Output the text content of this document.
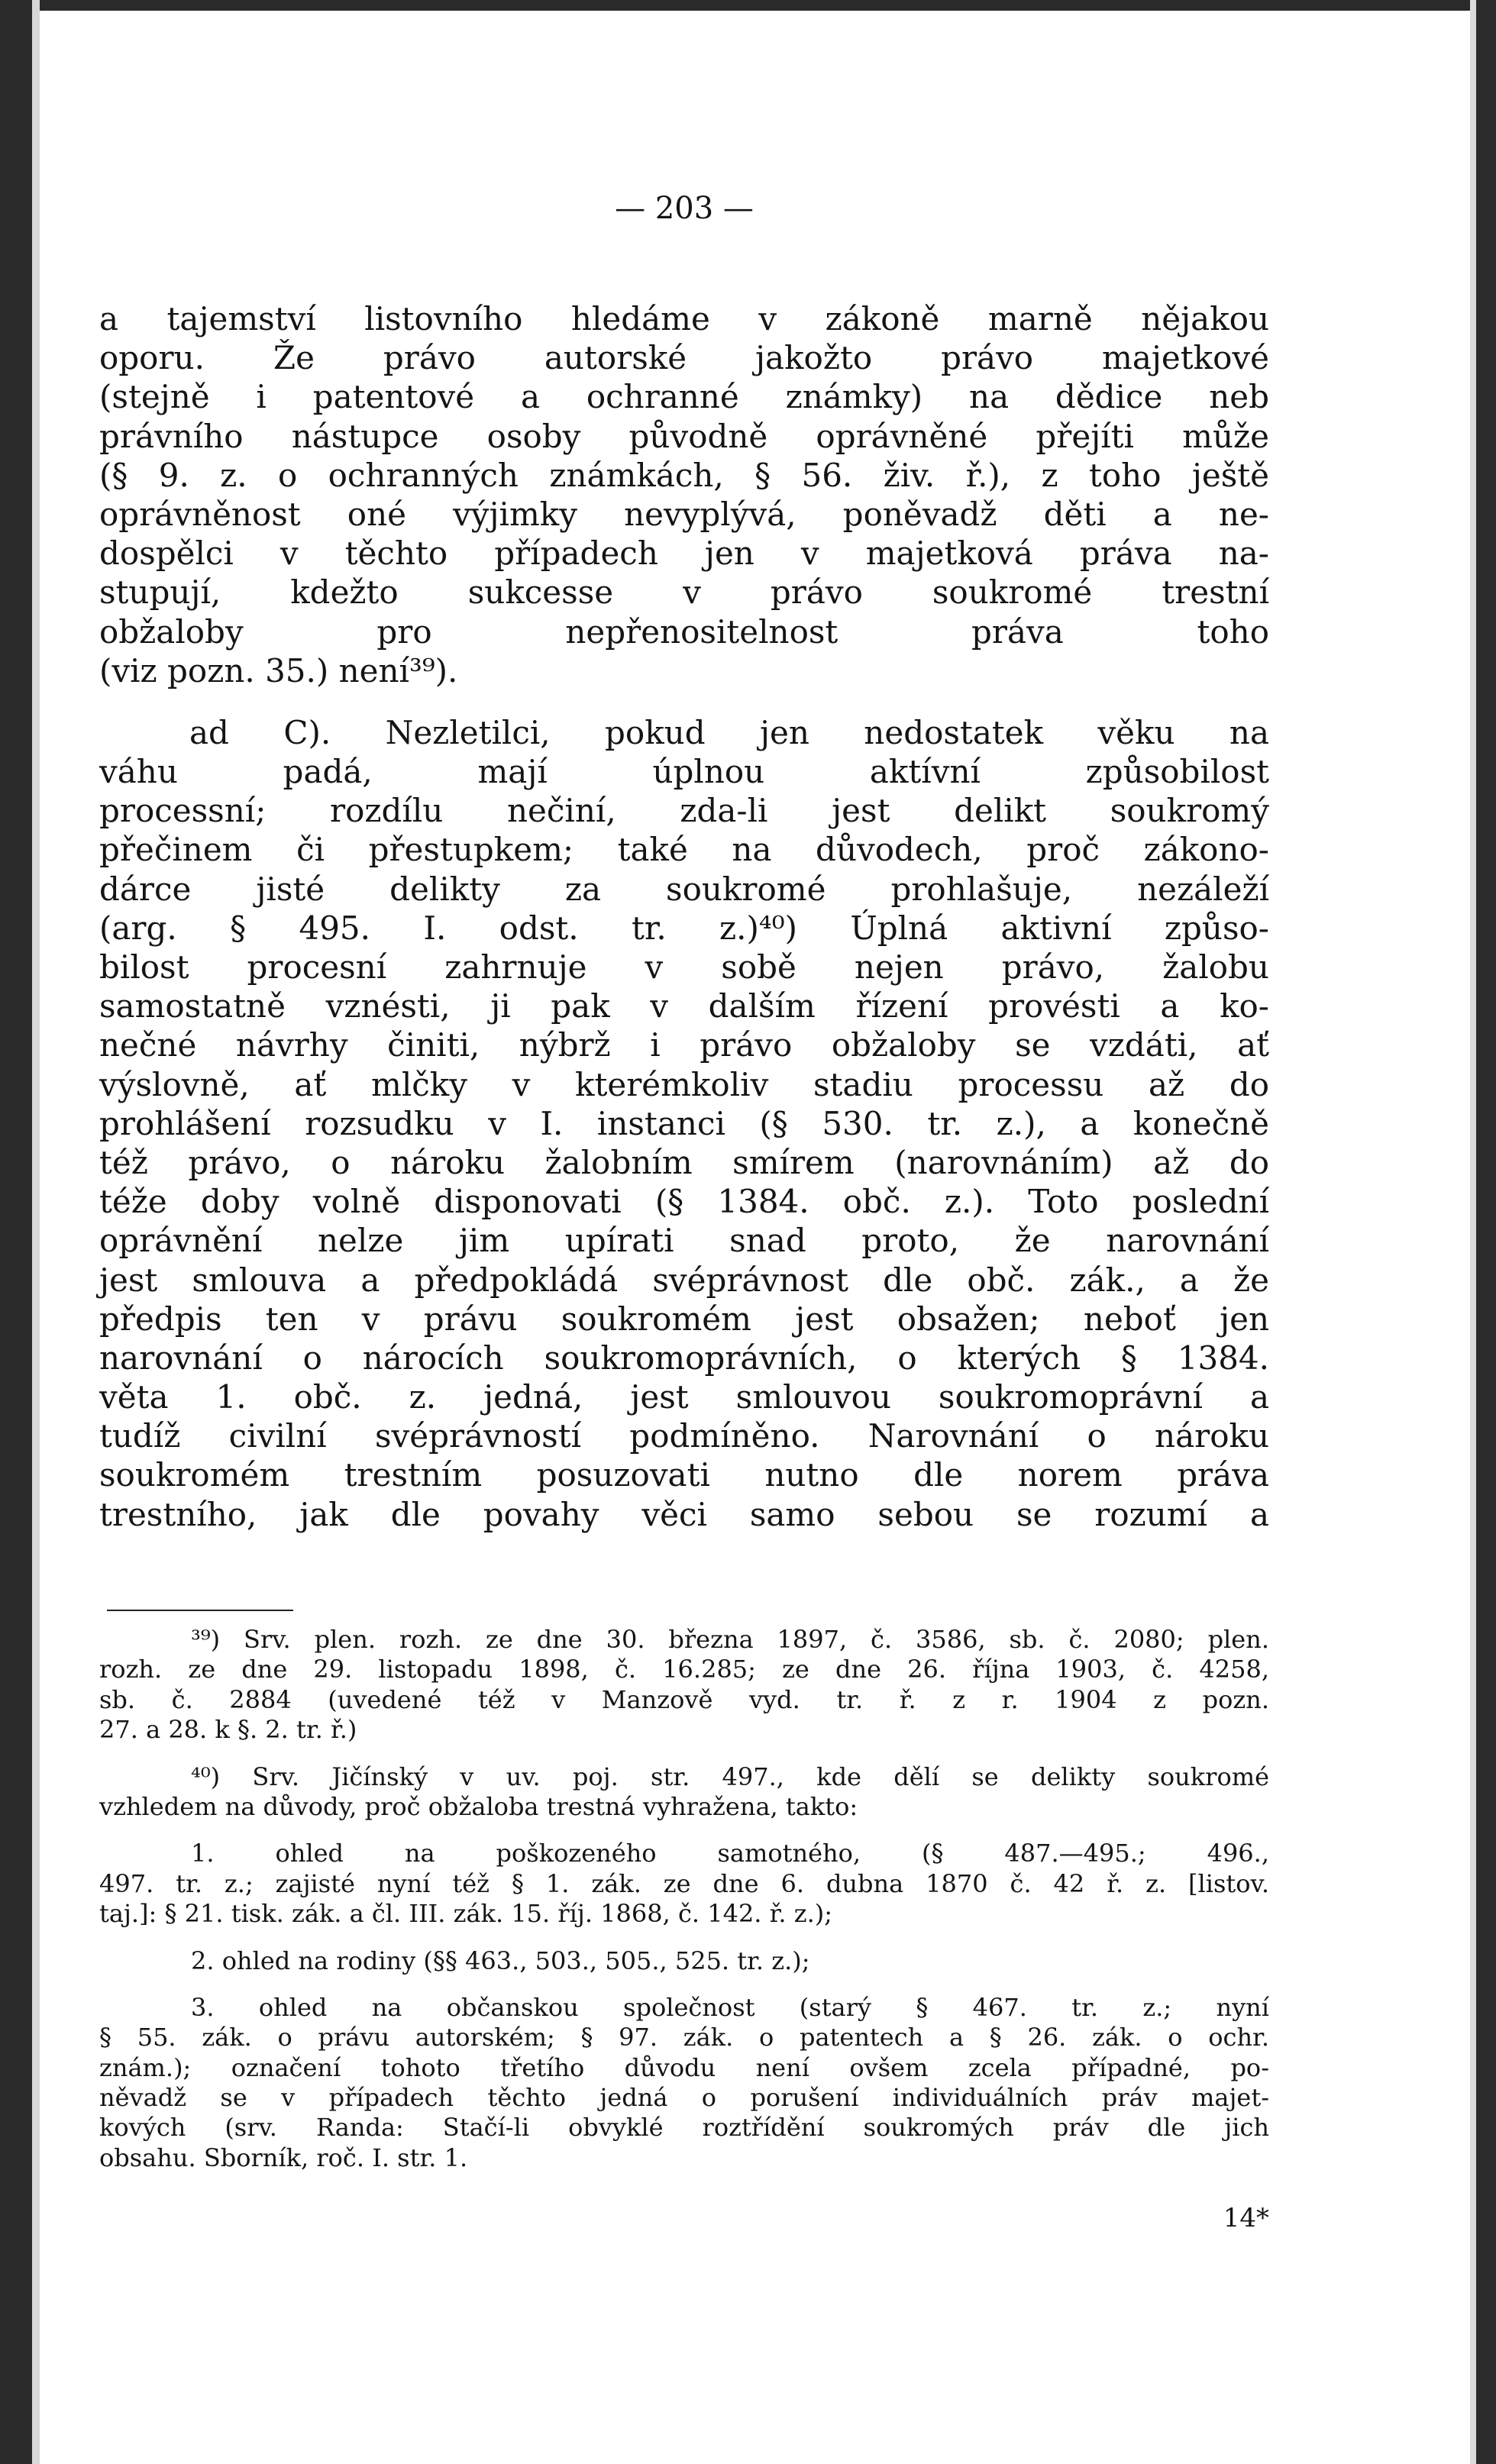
— 203 —
a tajemství listovního hledáme v zákoně marně nějakou
oporu. Že právo autorské jakožto právo majetkové
(stejně i patentové a ochranné známky) na dědice neb
právního nástupce osoby původně oprávněné přejíti může
(§ 9. z. o ochranných známkách, § 56. živ. ř.), z toho ještě
oprávněnost oné výjimky nevyplývá, poněvadž děti a ne-
dospělci v těchto případech jen v majetková práva na-
stupují, kdežto sukcesse v právo soukromé trestní
obžaloby pro nepřenositelnost práva toho
(viz pozn. 35.) není³⁹).
ad C). Nezletilci, pokud jen nedostatek věku na
váhu padá, mají úplnou aktívní způsobilost
processní; rozdílu nečiní, zda-li jest delikt soukromý
přečinem či přestupkem; také na důvodech, proč zákono-
dárce jisté delikty za soukromé prohlašuje, nezáleží
(arg. § 495. I. odst. tr. z.)⁴⁰) Úplná aktivní způso-
bilost procesní zahrnuje v sobě nejen právo, žalobu
samostatně vznésti, ji pak v dalším řízení provésti a ko-
nečné návrhy činiti, nýbrž i právo obžaloby se vzdáti, ať
výslovně, ať mlčky v kterémkoliv stadiu processu až do
prohlášení rozsudku v I. instanci (§ 530. tr. z.), a konečně
též právo, o nároku žalobním smírem (narovnáním) až do
téže doby volně disponovati (§ 1384. obč. z.). Toto poslední
oprávnění nelze jim upírati snad proto, že narovnání
jest smlouva a předpokládá svéprávnost dle obč. zák., a že
předpis ten v právu soukromém jest obsažen; neboť jen
narovnání o nárocích soukromoprávních, o kterých § 1384.
věta 1. obč. z. jedná, jest smlouvou soukromoprávní a
tudíž civilní svéprávností podmíněno. Narovnání o nároku
soukromém trestním posuzovati nutno dle norem práva
trestního, jak dle povahy věci samo sebou se rozumí a
³⁹) Srv. plen. rozh. ze dne 30. března 1897, č. 3586, sb. č. 2080; plen.
rozh. ze dne 29. listopadu 1898, č. 16.285; ze dne 26. října 1903, č. 4258,
sb. č. 2884 (uvedené též v Manzově vyd. tr. ř. z r. 1904 z pozn.
27. a 28. k §. 2. tr. ř.)
⁴⁰) Srv. Jičínský v uv. poj. str. 497., kde dělí se delikty soukromé
vzhledem na důvody, proč obžaloba trestná vyhražena, takto:
1. ohled na poškozeného samotného, (§ 487.—495.; 496.,
497. tr. z.; zajisté nyní též § 1. zák. ze dne 6. dubna 1870 č. 42 ř. z. [listov.
taj.]: § 21. tisk. zák. a čl. III. zák. 15. říj. 1868, č. 142. ř. z.);
2. ohled na rodiny (§§ 463., 503., 505., 525. tr. z.);
3. ohled na občanskou společnost (starý § 467. tr. z.; nyní
§ 55. zák. o právu autorském; § 97. zák. o patentech a § 26. zák. o ochr.
znám.); označení tohoto třetího důvodu není ovšem zcela případné, po-
něvadž se v případech těchto jedná o porušení individuálních práv majet-
kových (srv. Randa: Stačí-li obvyklé roztřídění soukromých práv dle jich
obsahu. Sborník, roč. I. str. 1.
14*
